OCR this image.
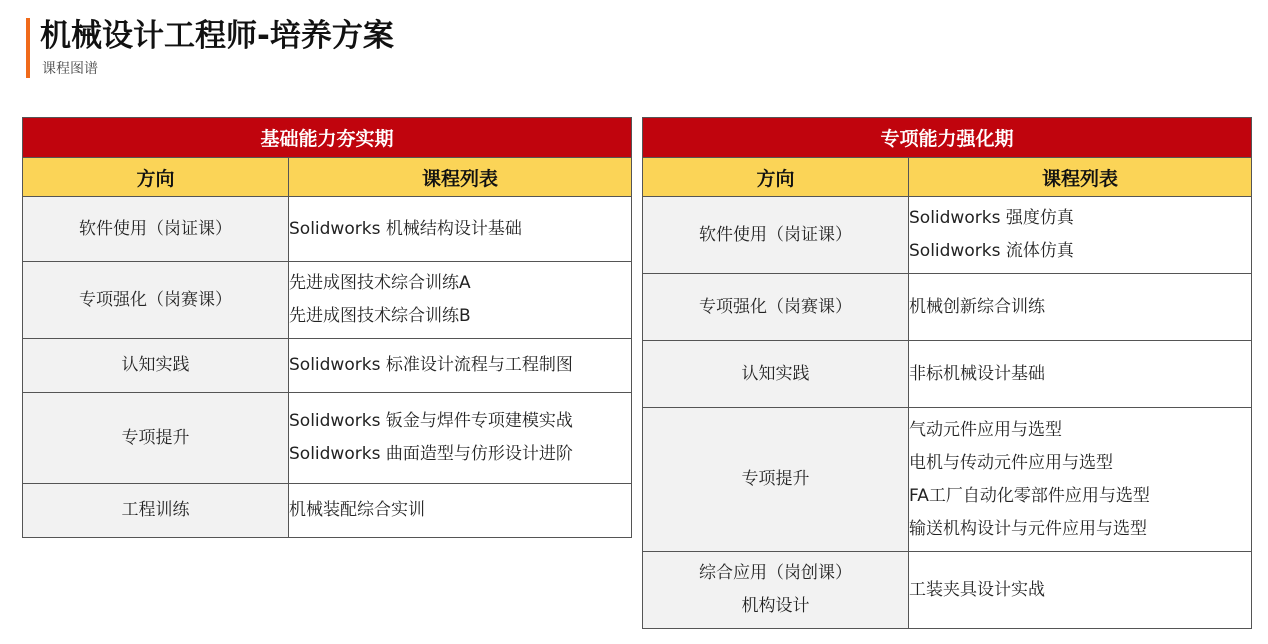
机械设计工程师-培养方案
课程图谱
基础能力夯实期	
方向	课程列表

软件使用（岗证课）	Solidworks 机械结构设计基础

专项强化（岗赛课）	先进成图技术综合训练A
先进成图技术综合训练B

认知实践	Solidworks 标准设计流程与工程制图

专项提升	Solidworks 钣金与焊件专项建模实战
Solidworks 曲面造型与仿形设计进阶

工程训练	机械装配综合实训
专项能力强化期	
方向	课程列表

软件使用（岗证课）	Solidworks 强度仿真
Solidworks 流体仿真

专项强化（岗赛课）	机械创新综合训练

认知实践	非标机械设计基础

专项提升	气动元件应用与选型
电机与传动元件应用与选型
FA工厂自动化零部件应用与选型
输送机构设计与元件应用与选型

综合应用（岗创课）
机构设计	工装夹具设计实战
